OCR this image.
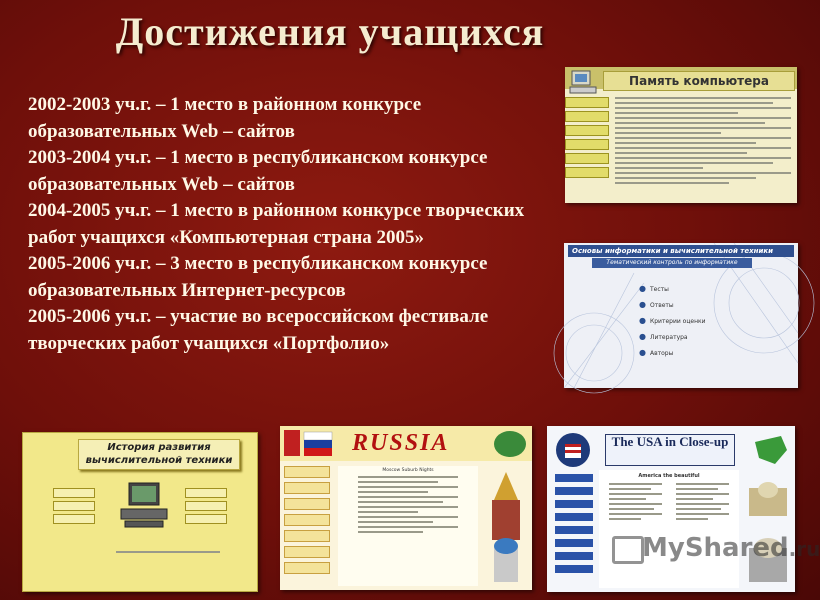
Достижения учащихся

2002-2003 уч.г. – 1 место в районном конкурсе образовательных Web – сайтов

2003-2004 уч.г. – 1 место в республиканском конкурсе образовательных Web – сайтов

2004-2005 уч.г. – 1 место в районном конкурсе творческих работ учащихся «Компьютерная страна 2005»

2005-2006 уч.г. – 3 место в республиканском конкурсе образовательных Интернет-ресурсов

2005-2006 уч.г. – участие во всероссийском фестивале творческих работ учащихся «Портфолио»

Память компьютера
Основы информатики и вычислительной техники
Тематический контроль по информатике
● Тесты
● Ответы
● Критерии оценки
● Литература
● Авторы
История развития вычислительной техники
RUSSIA
Moscow Suburb Nights
The USA in Close-up
America the beautiful
MyShared.ru
